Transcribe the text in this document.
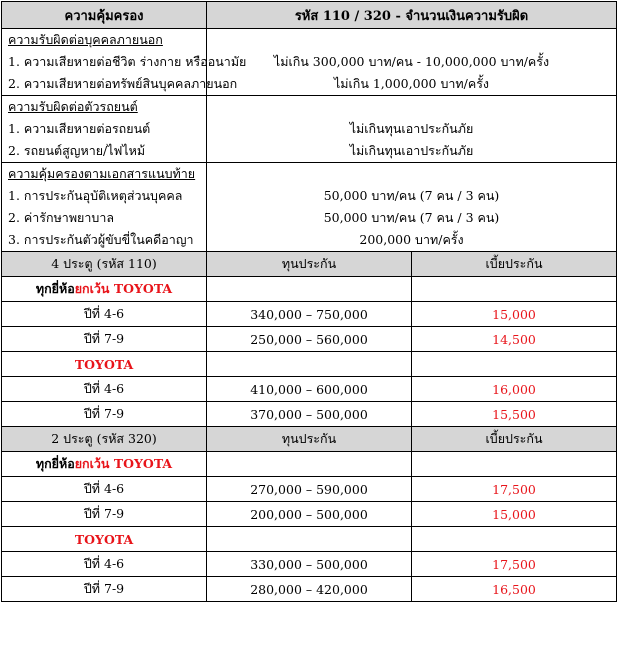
ความคุ้มครอง	รหัส 110 / 320 - จำนวนเงินความรับผิด	
ความรับผิดต่อบุคคลภายนอก		
1. ความเสียหายต่อชีวิต ร่างกาย หรืออนามัย	ไม่เกิน 300,000 บาท/คน - 10,000,000 บาท/ครั้ง	
2. ความเสียหายต่อทรัพย์สินบุคคลภายนอก	ไม่เกิน 1,000,000 บาท/ครั้ง	
ความรับผิดต่อตัวรถยนต์		
1. ความเสียหายต่อรถยนต์	ไม่เกินทุนเอาประกันภัย	
2. รถยนต์สูญหาย/ไฟไหม้	ไม่เกินทุนเอาประกันภัย	
ความคุ้มครองตามเอกสารแนบท้าย		
1. การประกันอุบัติเหตุส่วนบุคคล	50,000 บาท/คน (7 คน / 3 คน)	
2. ค่ารักษาพยาบาล	50,000 บาท/คน (7 คน / 3 คน)	
3. การประกันตัวผู้ขับขี่ในคดีอาญา	200,000 บาท/ครั้ง	
4 ประตู (รหัส 110)	ทุนประกัน	เบี้ยประกัน
ทุกยี่ห้อยกเว้น TOYOTA		
ปีที่ 4-6	340,000 – 750,000	15,000
ปีที่ 7-9	250,000 – 560,000	14,500
TOYOTA		
ปีที่ 4-6	410,000 – 600,000	16,000
ปีที่ 7-9	370,000 – 500,000	15,500
2 ประตู (รหัส 320)	ทุนประกัน	เบี้ยประกัน
ทุกยี่ห้อยกเว้น TOYOTA		
ปีที่ 4-6	270,000 – 590,000	17,500
ปีที่ 7-9	200,000 – 500,000	15,000
TOYOTA		
ปีที่ 4-6	330,000 – 500,000	17,500
ปีที่ 7-9	280,000 – 420,000	16,500
